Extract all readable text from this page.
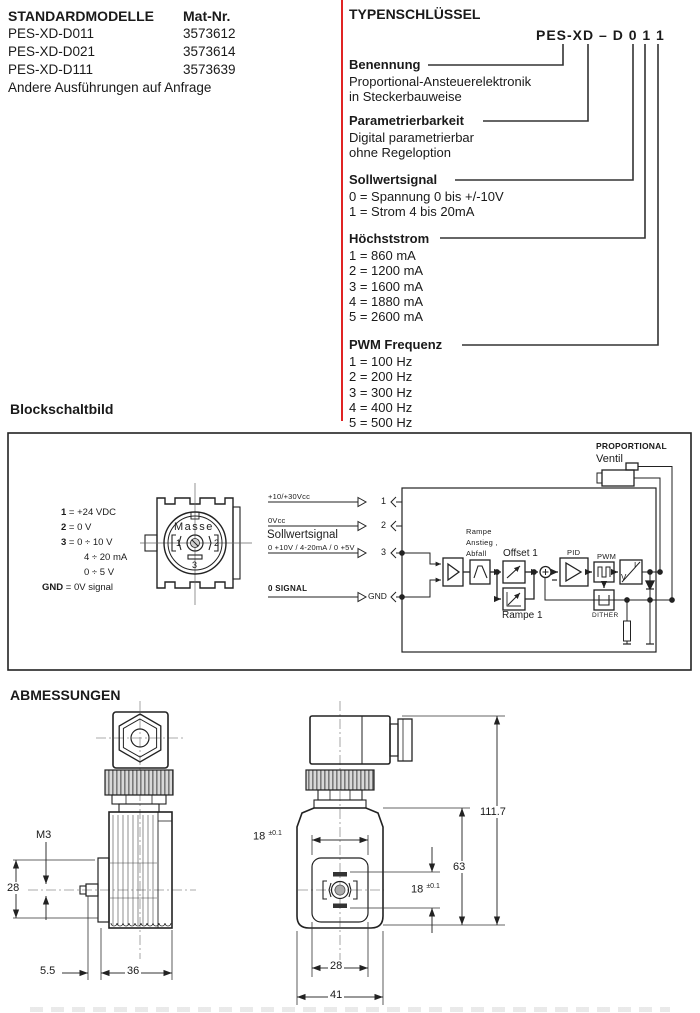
STANDARDMODELLE Mat-Nr.
PES-XD-D011	3573612
PES-XD-D021	3573614
PES-XD-D111	3573639
Andere Ausführungen auf Anfrage
TYPENSCHLÜSSEL
PES-XD – D 0 1 1
Benennung
Proportional-Ansteuerelektronik
in Steckerbauweise
Parametrierbarkeit
Digital parametrierbar
ohne Regeloption
Sollwertsignal
0 = Spannung 0 bis +/-10V
1 = Strom 4 bis 20mA
Höchststrom
1 = 860 mA
2 = 1200 mA
3 = 1600 mA
4 = 1880 mA
5 = 2600 mA
PWM Frequenz
1 = 100 Hz
2 = 200 Hz
3 = 300 Hz
4 = 400 Hz
5 = 500 Hz
Blockschaltbild
1 = +24 VDC
2 = 0 V
3 = 0 ÷ 10 V
4 ÷ 20 mA
0 ÷ 5 V
GND = 0V signal
Masse
1	2
3
+10/+30Vcc
0Vcc
Sollwertsignal
0 +10V / 4-20mA / 0 +5V
0 SIGNAL
1
2
3
GND
Rampe
Anstieg ,
Abfall Offset 1
Rampe 1
PID PWM
DITHER
I
V
PROPORTIONAL
Ventil
ABMESSUNGEN
M3
28
5.5	36
18 $^{\pm 0.1}$
18 $^{\pm 0.1}$
63
111.7
28
41
